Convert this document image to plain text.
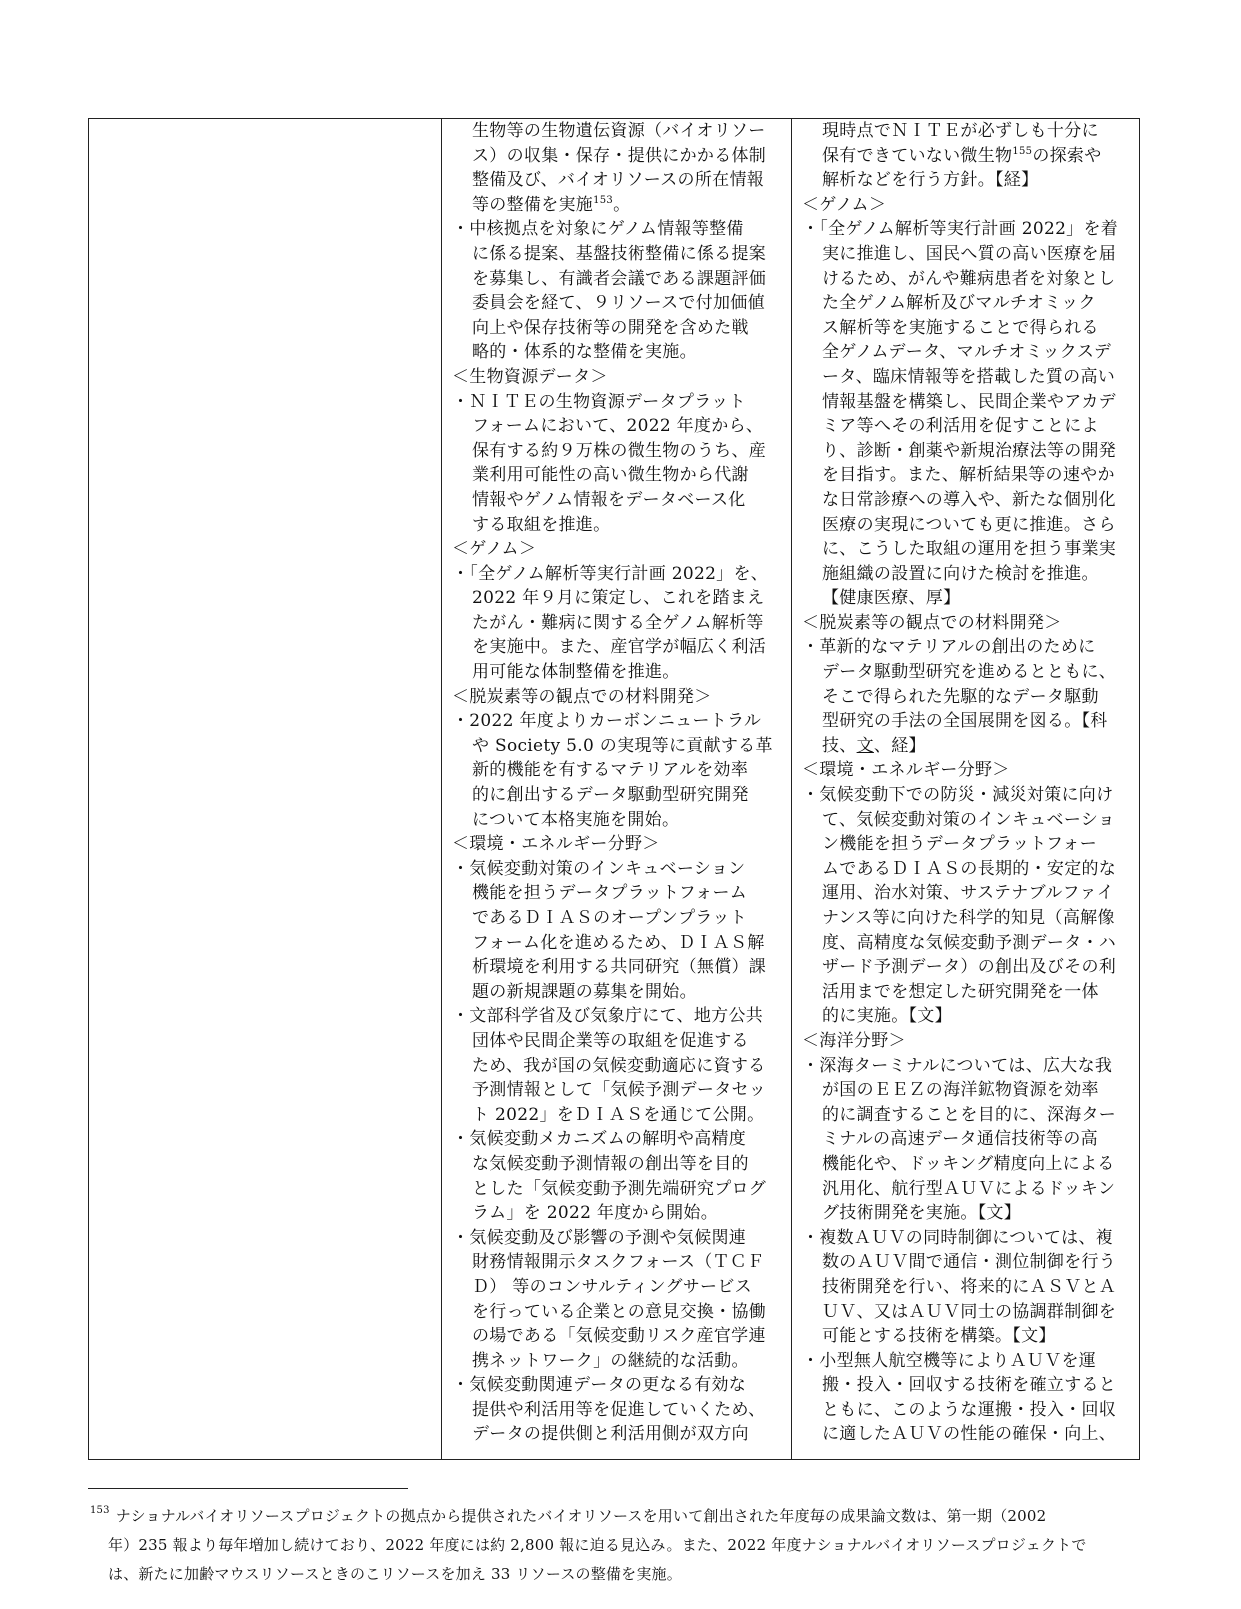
生物等の生物遺伝資源（バイオリソー
ス）の収集・保存・提供にかかる体制
整備及び、バイオリソースの所在情報
等の整備を実施$^{153}$。
・中核拠点を対象にゲノム情報等整備
に係る提案、基盤技術整備に係る提案
を募集し、有識者会議である課題評価
委員会を経て、９リソースで付加価値
向上や保存技術等の開発を含めた戦
略的・体系的な整備を実施。
＜生物資源データ＞
・ＮＩＴＥの生物資源データプラット
フォームにおいて、2022 年度から、
保有する約９万株の微生物のうち、産
業利用可能性の高い微生物から代謝
情報やゲノム情報をデータベース化
する取組を推進。
＜ゲノム＞
・「全ゲノム解析等実行計画 2022」を、
2022 年９月に策定し、これを踏まえ
たがん・難病に関する全ゲノム解析等
を実施中。また、産官学が幅広く利活
用可能な体制整備を推進。
＜脱炭素等の観点での材料開発＞
・2022 年度よりカーボンニュートラル
や Society 5.0 の実現等に貢献する革
新的機能を有するマテリアルを効率
的に創出するデータ駆動型研究開発
について本格実施を開始。
＜環境・エネルギー分野＞
・気候変動対策のインキュベーション
機能を担うデータプラットフォーム
であるＤＩＡＳのオープンプラット
フォーム化を進めるため、ＤＩＡＳ解
析環境を利用する共同研究（無償）課
題の新規課題の募集を開始。
・文部科学省及び気象庁にて、地方公共
団体や民間企業等の取組を促進する
ため、我が国の気候変動適応に資する
予測情報として「気候予測データセッ
ト 2022」をＤＩＡＳを通じて公開。
・気候変動メカニズムの解明や高精度
な気候変動予測情報の創出等を目的
とした「気候変動予測先端研究プログ
ラム」を 2022 年度から開始。
・気候変動及び影響の予測や気候関連
財務情報開示タスクフォース（ＴＣＦ
Ｄ） 等のコンサルティングサービス
を行っている企業との意見交換・協働
の場である「気候変動リスク産官学連
携ネットワーク」の継続的な活動。
・気候変動関連データの更なる有効な
提供や利活用等を促進していくため、
データの提供側と利活用側が双方向
現時点でＮＩＴＥが必ずしも十分に
保有できていない微生物$^{155}$の探索や
解析などを行う方針。【経】
＜ゲノム＞
・「全ゲノム解析等実行計画 2022」を着
実に推進し、国民へ質の高い医療を届
けるため、がんや難病患者を対象とし
た全ゲノム解析及びマルチオミック
ス解析等を実施することで得られる
全ゲノムデータ、マルチオミックスデ
ータ、臨床情報等を搭載した質の高い
情報基盤を構築し、民間企業やアカデ
ミア等へその利活用を促すことによ
り、診断・創薬や新規治療法等の開発
を目指す。また、解析結果等の速やか
な日常診療への導入や、新たな個別化
医療の実現についても更に推進。さら
に、こうした取組の運用を担う事業実
施組織の設置に向けた検討を推進。
【健康医療、厚】
＜脱炭素等の観点での材料開発＞
・革新的なマテリアルの創出のために
データ駆動型研究を進めるとともに、
そこで得られた先駆的なデータ駆動
型研究の手法の全国展開を図る。【科
技、文、経】
＜環境・エネルギー分野＞
・気候変動下での防災・減災対策に向け
て、気候変動対策のインキュベーショ
ン機能を担うデータプラットフォー
ムであるＤＩＡＳの長期的・安定的な
運用、治水対策、サステナブルファイ
ナンス等に向けた科学的知見（高解像
度、高精度な気候変動予測データ・ハ
ザード予測データ）の創出及びその利
活用までを想定した研究開発を一体
的に実施。【文】
＜海洋分野＞
・深海ターミナルについては、広大な我
が国のＥＥＺの海洋鉱物資源を効率
的に調査することを目的に、深海ター
ミナルの高速データ通信技術等の高
機能化や、ドッキング精度向上による
汎用化、航行型ＡＵＶによるドッキン
グ技術開発を実施。【文】
・複数ＡＵＶの同時制御については、複
数のＡＵＶ間で通信・測位制御を行う
技術開発を行い、将来的にＡＳＶとＡ
ＵＶ、又はＡＵＶ同士の協調群制御を
可能とする技術を構築。【文】
・小型無人航空機等によりＡＵＶを運
搬・投入・回収する技術を確立すると
ともに、このような運搬・投入・回収
に適したＡＵＶの性能の確保・向上、
$^{153}$ ナショナルバイオリソースプロジェクトの拠点から提供されたバイオリソースを用いて創出された年度毎の成果論文数は、第一期（2002
年）235 報より毎年増加し続けており、2022 年度には約 2,800 報に迫る見込み。また、2022 年度ナショナルバイオリソースプロジェクトで
は、新たに加齢マウスリソースときのこリソースを加え 33 リソースの整備を実施。
